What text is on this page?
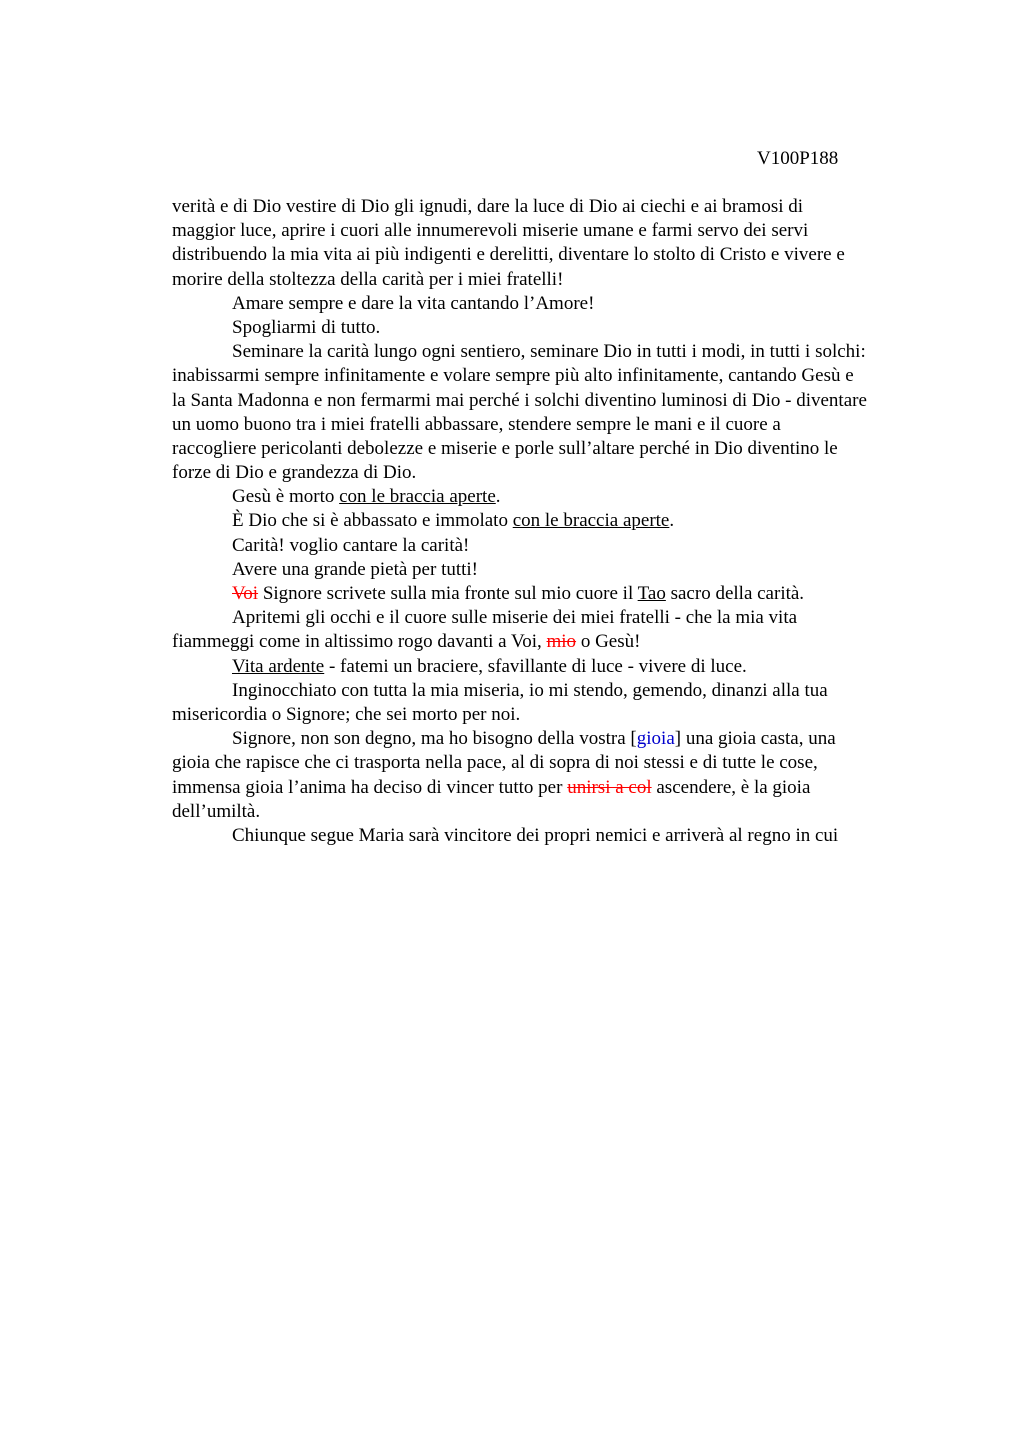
V100P188
verità e di Dio vestire di Dio gli ignudi, dare la luce di Dio ai ciechi e ai bramosi di
maggior luce, aprire i cuori alle innumerevoli miserie umane e farmi servo dei servi
distribuendo la mia vita ai più indigenti e derelitti, diventare lo stolto di Cristo e vivere e
morire della stoltezza della carità per i miei fratelli!
Amare sempre e dare la vita cantando l’Amore!
Spogliarmi di tutto.
Seminare la carità lungo ogni sentiero, seminare Dio in tutti i modi, in tutti i solchi:
inabissarmi sempre infinitamente e volare sempre più alto infinitamente, cantando Gesù e
la Santa Madonna e non fermarmi mai perché i solchi diventino luminosi di Dio - diventare
un uomo buono tra i miei fratelli abbassare, stendere sempre le mani e il cuore a
raccogliere pericolanti debolezze e miserie e porle sull’altare perché in Dio diventino le
forze di Dio e grandezza di Dio.
Gesù è morto con le braccia aperte.
È Dio che si è abbassato e immolato con le braccia aperte.
Carità! voglio cantare la carità!
Avere una grande pietà per tutti!
Voi Signore scrivete sulla mia fronte sul mio cuore il Tao sacro della carità.
Apritemi gli occhi e il cuore sulle miserie dei miei fratelli - che la mia vita
fiammeggi come in altissimo rogo davanti a Voi, mio o Gesù!
Vita ardente - fatemi un braciere, sfavillante di luce - vivere di luce.
Inginocchiato con tutta la mia miseria, io mi stendo, gemendo, dinanzi alla tua
misericordia o Signore; che sei morto per noi.
Signore, non son degno, ma ho bisogno della vostra [gioia] una gioia casta, una
gioia che rapisce che ci trasporta nella pace, al di sopra di noi stessi e di tutte le cose,
immensa gioia l’anima ha deciso di vincer tutto per unirsi a col ascendere, è la gioia
dell’umiltà.
Chiunque segue Maria sarà vincitore dei propri nemici e arriverà al regno in cui
